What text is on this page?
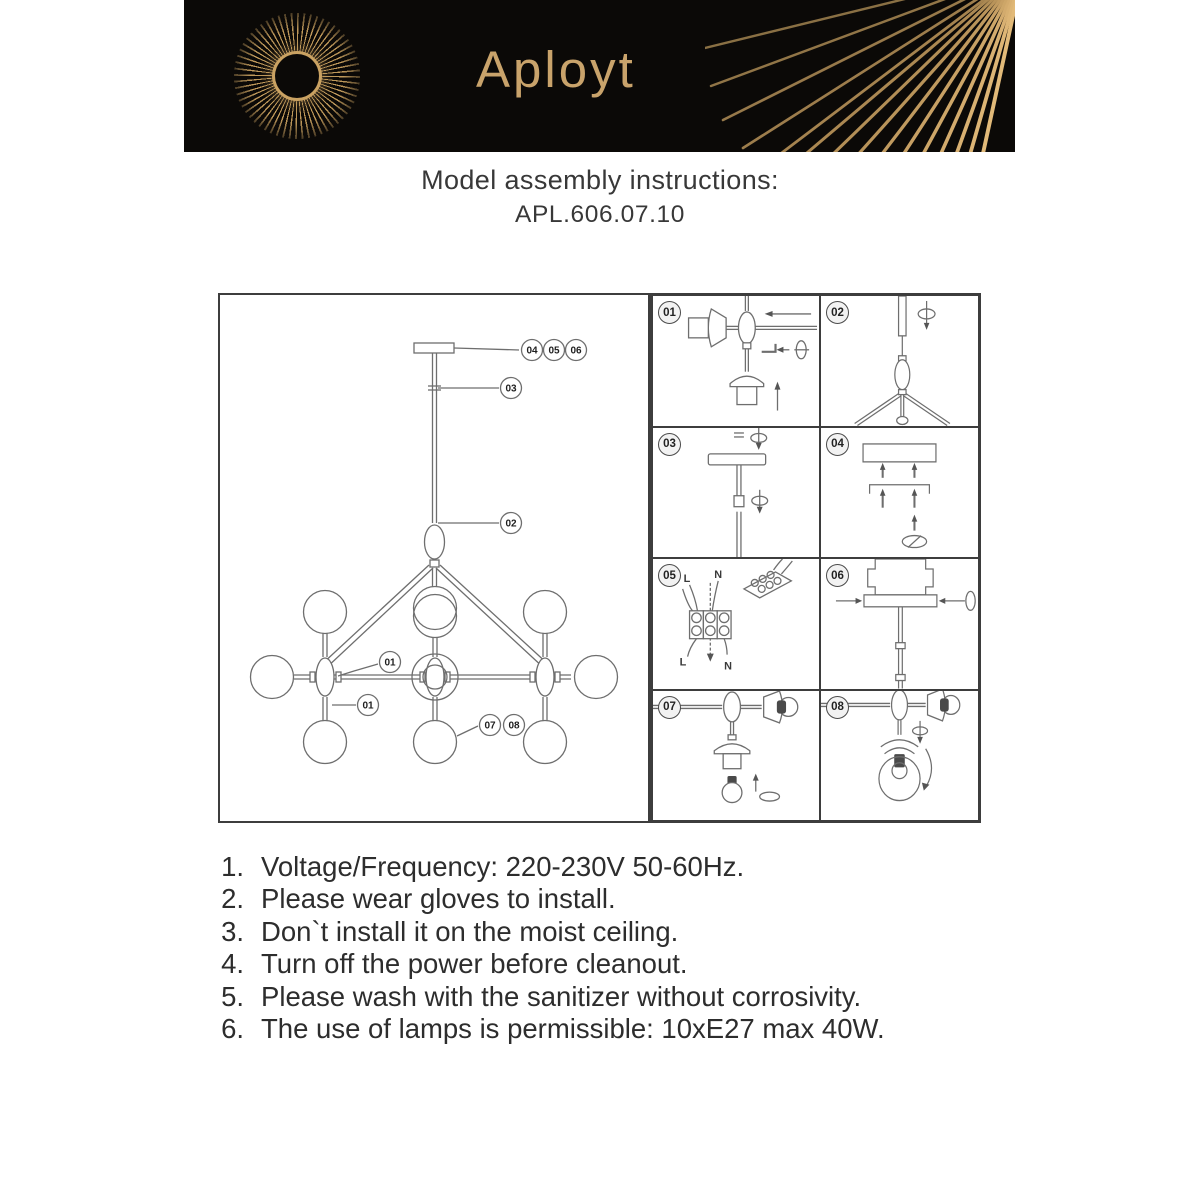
Aployt
Model assembly instructions:
APL.606.07.10
04 05 06
03
02
01
01
07 08
01	02
03	04
05 L N
L	N
06
07	08
1. Voltage/Frequency: 220-230V 50-60Hz.
2. Please wear gloves to install.
3. Don`t install it on the moist ceiling.
4. Turn off the power before cleanout.
5. Please wash with the sanitizer without corrosivity.
6. The use of lamps is permissible: 10xE27 max 40W.
